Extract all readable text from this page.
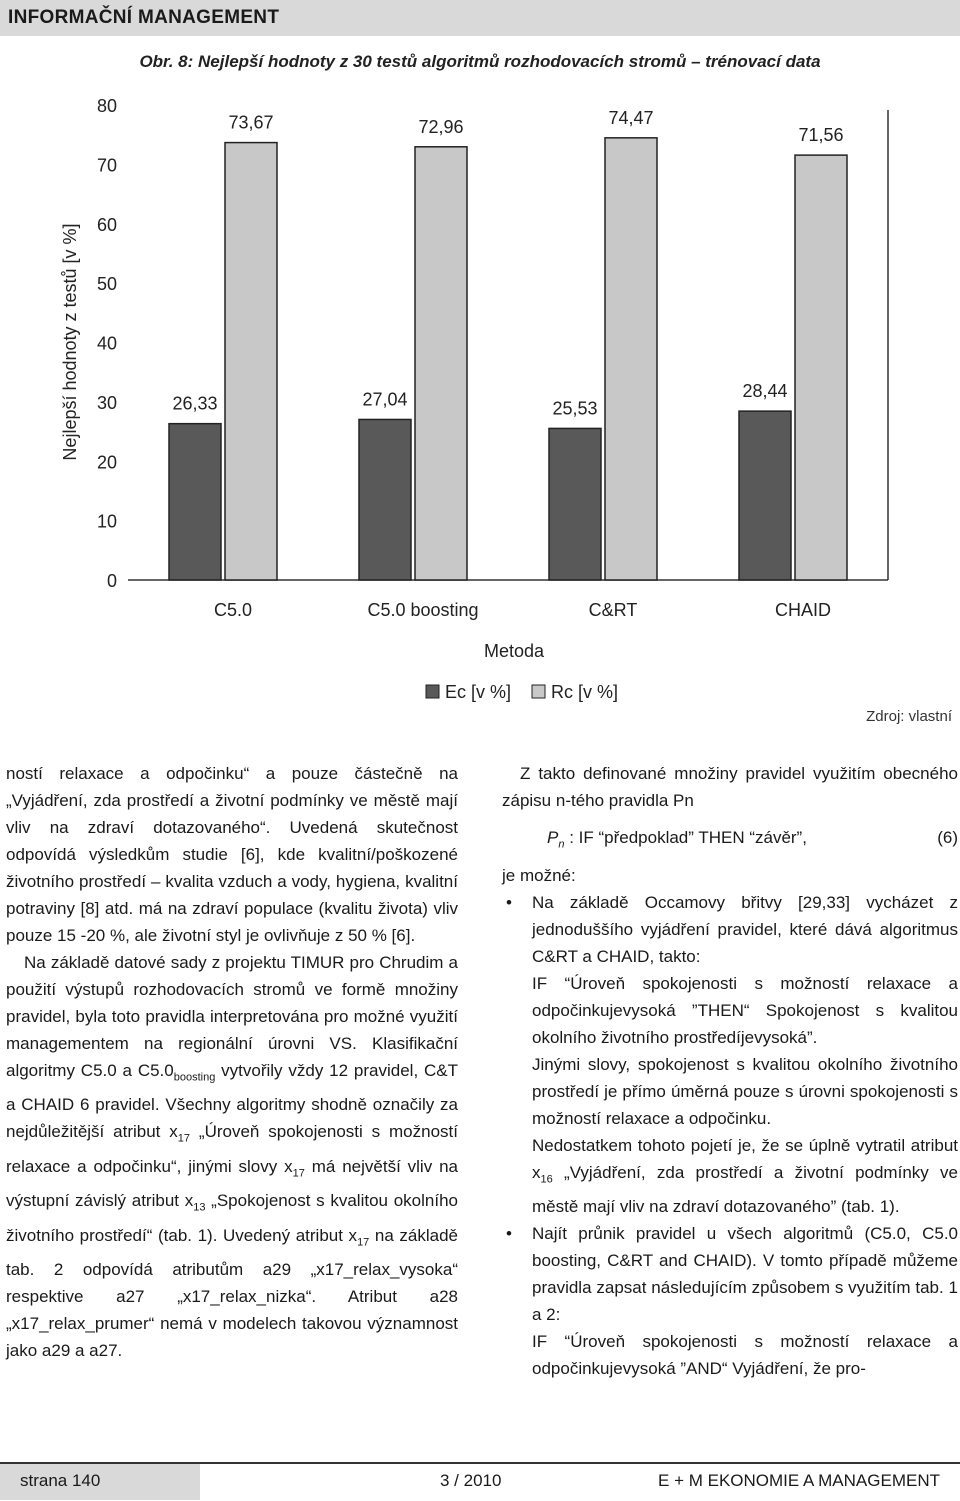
INFORMAČNÍ MANAGEMENT
Obr. 8: Nejlepší hodnoty z 30 testů algoritmů rozhodovacích stromů – trénovací data
0
10
20
30
40
50
60
70
80
Nejlepší hodnoty z testů [v %]	26,33
73,67
C5.0
27,04
72,96
C5.0 boosting
25,53
74,47
C&RT
28,44
71,56
CHAID
Metoda
Ec [v %] Rc [v %]
Zdroj: vlastní

ností relaxace a odpočinku“ a pouze částečně na „Vyjádření, zda prostředí a životní podmínky ve městě mají vliv na zdraví dotazovaného“. Uvedená skutečnost odpovídá výsledkům studie [6], kde kvalitní/poškozené životního prostředí – kvalita vzduch a vody, hygiena, kvalitní potraviny [8] atd. má na zdraví populace (kvalitu života) vliv pouze 15 -20 %, ale životní styl je ovlivňuje z 50 % [6].

Na základě datové sady z projektu TIMUR pro Chrudim a použití výstupů rozhodovacích stromů ve formě množiny pravidel, byla toto pravidla interpretována pro možné využití managementem na regionální úrovni VS. Klasifikační algoritmy C5.0 a $C5.0_{boosting}$ vytvořily vždy 12 pravidel, C&T a CHAID 6 pravidel. Všechny algoritmy shodně označily za nejdůležitější atribut $x_{17}$ „Úroveň spokojenosti s možností relaxace a odpočinku“, jinými slovy $x_{17}$ má největší vliv na výstupní závislý atribut $x_{13}$ „Spokojenost s kvalitou okolního životního prostředí“ (tab. 1). Uvedený atribut $x_{17}$ na základě tab. 2 odpovídá atributům a29 „x17_relax_vysoka“ respektive a27 „x17_relax_nizka“. Atribut a28 „x17_relax_prumer“ nemá v modelech takovou významnost jako a29 a a27.

Z takto definované množiny pravidel využitím obecného zápisu n-tého pravidla Pn

$P_n$ : IF “předpoklad” THEN “závěr”,	(6)

je možné:

• Na základě Occamovy břitvy [29,33] vycházet z jednoduššího vyjádření pravidel, které dává algoritmus C&RT a CHAID, takto:

IF “Úroveň spokojenosti s možností relaxace a odpočinkujevysoká ”THEN“ Spokojenost s kvalitou okolního životního prostředíjevysoká”.

Jinými slovy, spokojenost s kvalitou okolního životního prostředí je přímo úměrná pouze s úrovni spokojenosti s možností relaxace a odpočinku.

Nedostatkem tohoto pojetí je, že se úplně vytratil atribut $x_{16}$ „Vyjádření, zda prostředí a životní podmínky ve městě mají vliv na zdraví dotazovaného” (tab. 1).

• Najít průnik pravidel u všech algoritmů (C5.0, C5.0 boosting, C&RT and CHAID). V tomto případě můžeme pravidla zapsat následujícím způsobem s využitím tab. 1 a 2:

IF “Úroveň spokojenosti s možností relaxace a odpočinkujevysoká ”AND“ Vyjádření, že pro-

strana 140	3 / 2010	E + M EKONOMIE A MANAGEMENT
